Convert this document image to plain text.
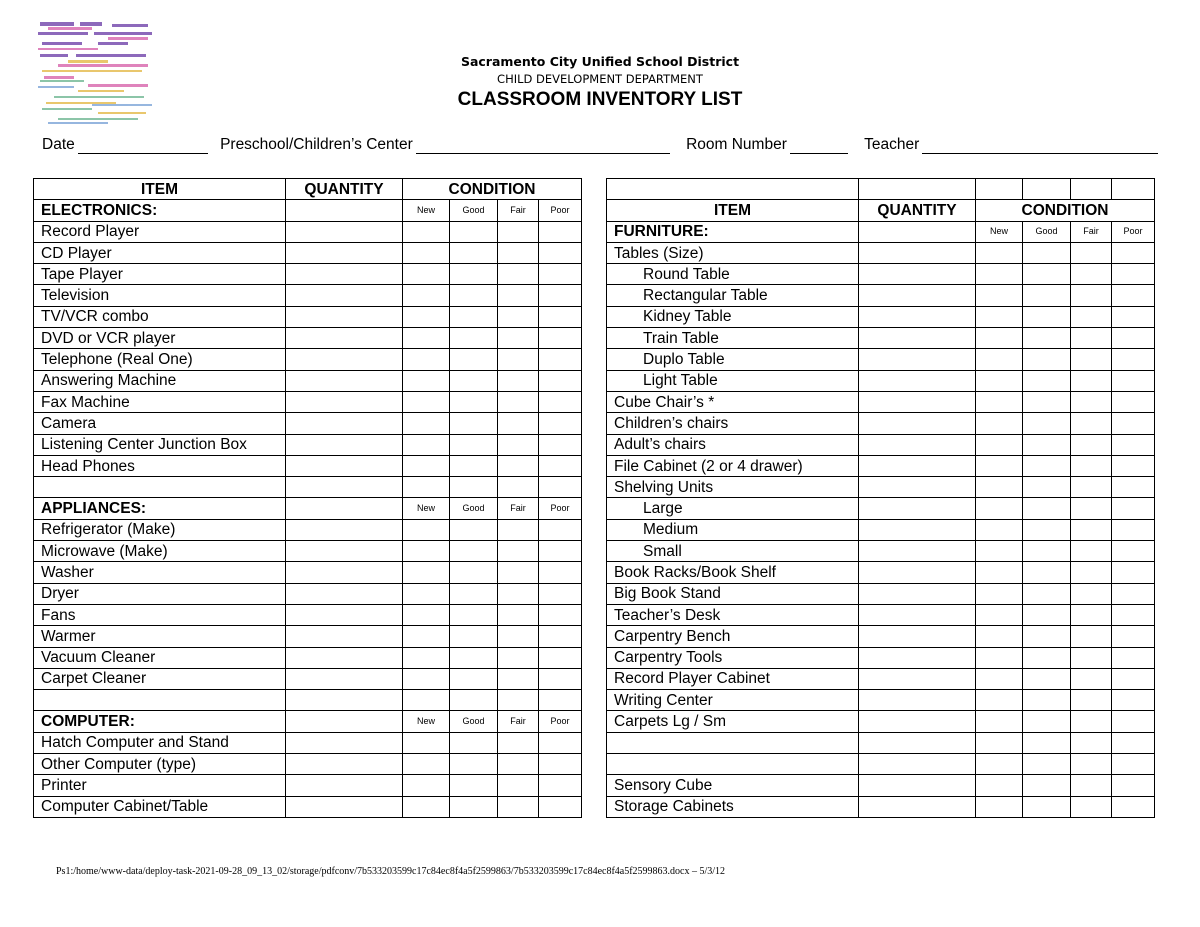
Sacramento City Unified School District
CHILD DEVELOPMENT DEPARTMENT
CLASSROOM INVENTORY LIST
Date	Preschool/Children’s Center	Room Number	Teacher
ITEM	QUANTITY	CONDITION			
ELECTRONICS:		New	Good	Fair	Poor
Record Player					
CD Player					
Tape Player					
Television					
TV/VCR combo					
DVD or VCR player					
Telephone (Real One)					
Answering Machine					
Fax Machine					
Camera					
Listening Center Junction Box					
Head Phones					

APPLIANCES:		New	Good	Fair	Poor
Refrigerator (Make)					
Microwave (Make)					
Washer					
Dryer					
Fans					
Warmer					
Vacuum Cleaner					
Carpet Cleaner					

COMPUTER:		New	Good	Fair	Poor
Hatch Computer and Stand					
Other Computer (type)					
Printer					
Computer Cabinet/Table					

ITEM	QUANTITY	CONDITION			
FURNITURE:		New	Good	Fair	Poor
Tables (Size)					
Round Table					
Rectangular Table					
Kidney Table					
Train Table					
Duplo Table					
Light Table					
Cube Chair’s *					
Children’s chairs					
Adult’s chairs					
File Cabinet (2 or 4 drawer)					
Shelving Units					
Large					
Medium					
Small					
Book Racks/Book Shelf					
Big Book Stand					
Teacher’s Desk					
Carpentry Bench					
Carpentry Tools					
Record Player Cabinet					
Writing Center					
Carpets Lg / Sm					

Sensory Cube					
Storage Cabinets					
Ps1:/home/www-data/deploy-task-2021-09-28_09_13_02/storage/pdfconv/7b533203599c17c84ec8f4a5f2599863/7b533203599c17c84ec8f4a5f2599863.docx – 5/3/12
